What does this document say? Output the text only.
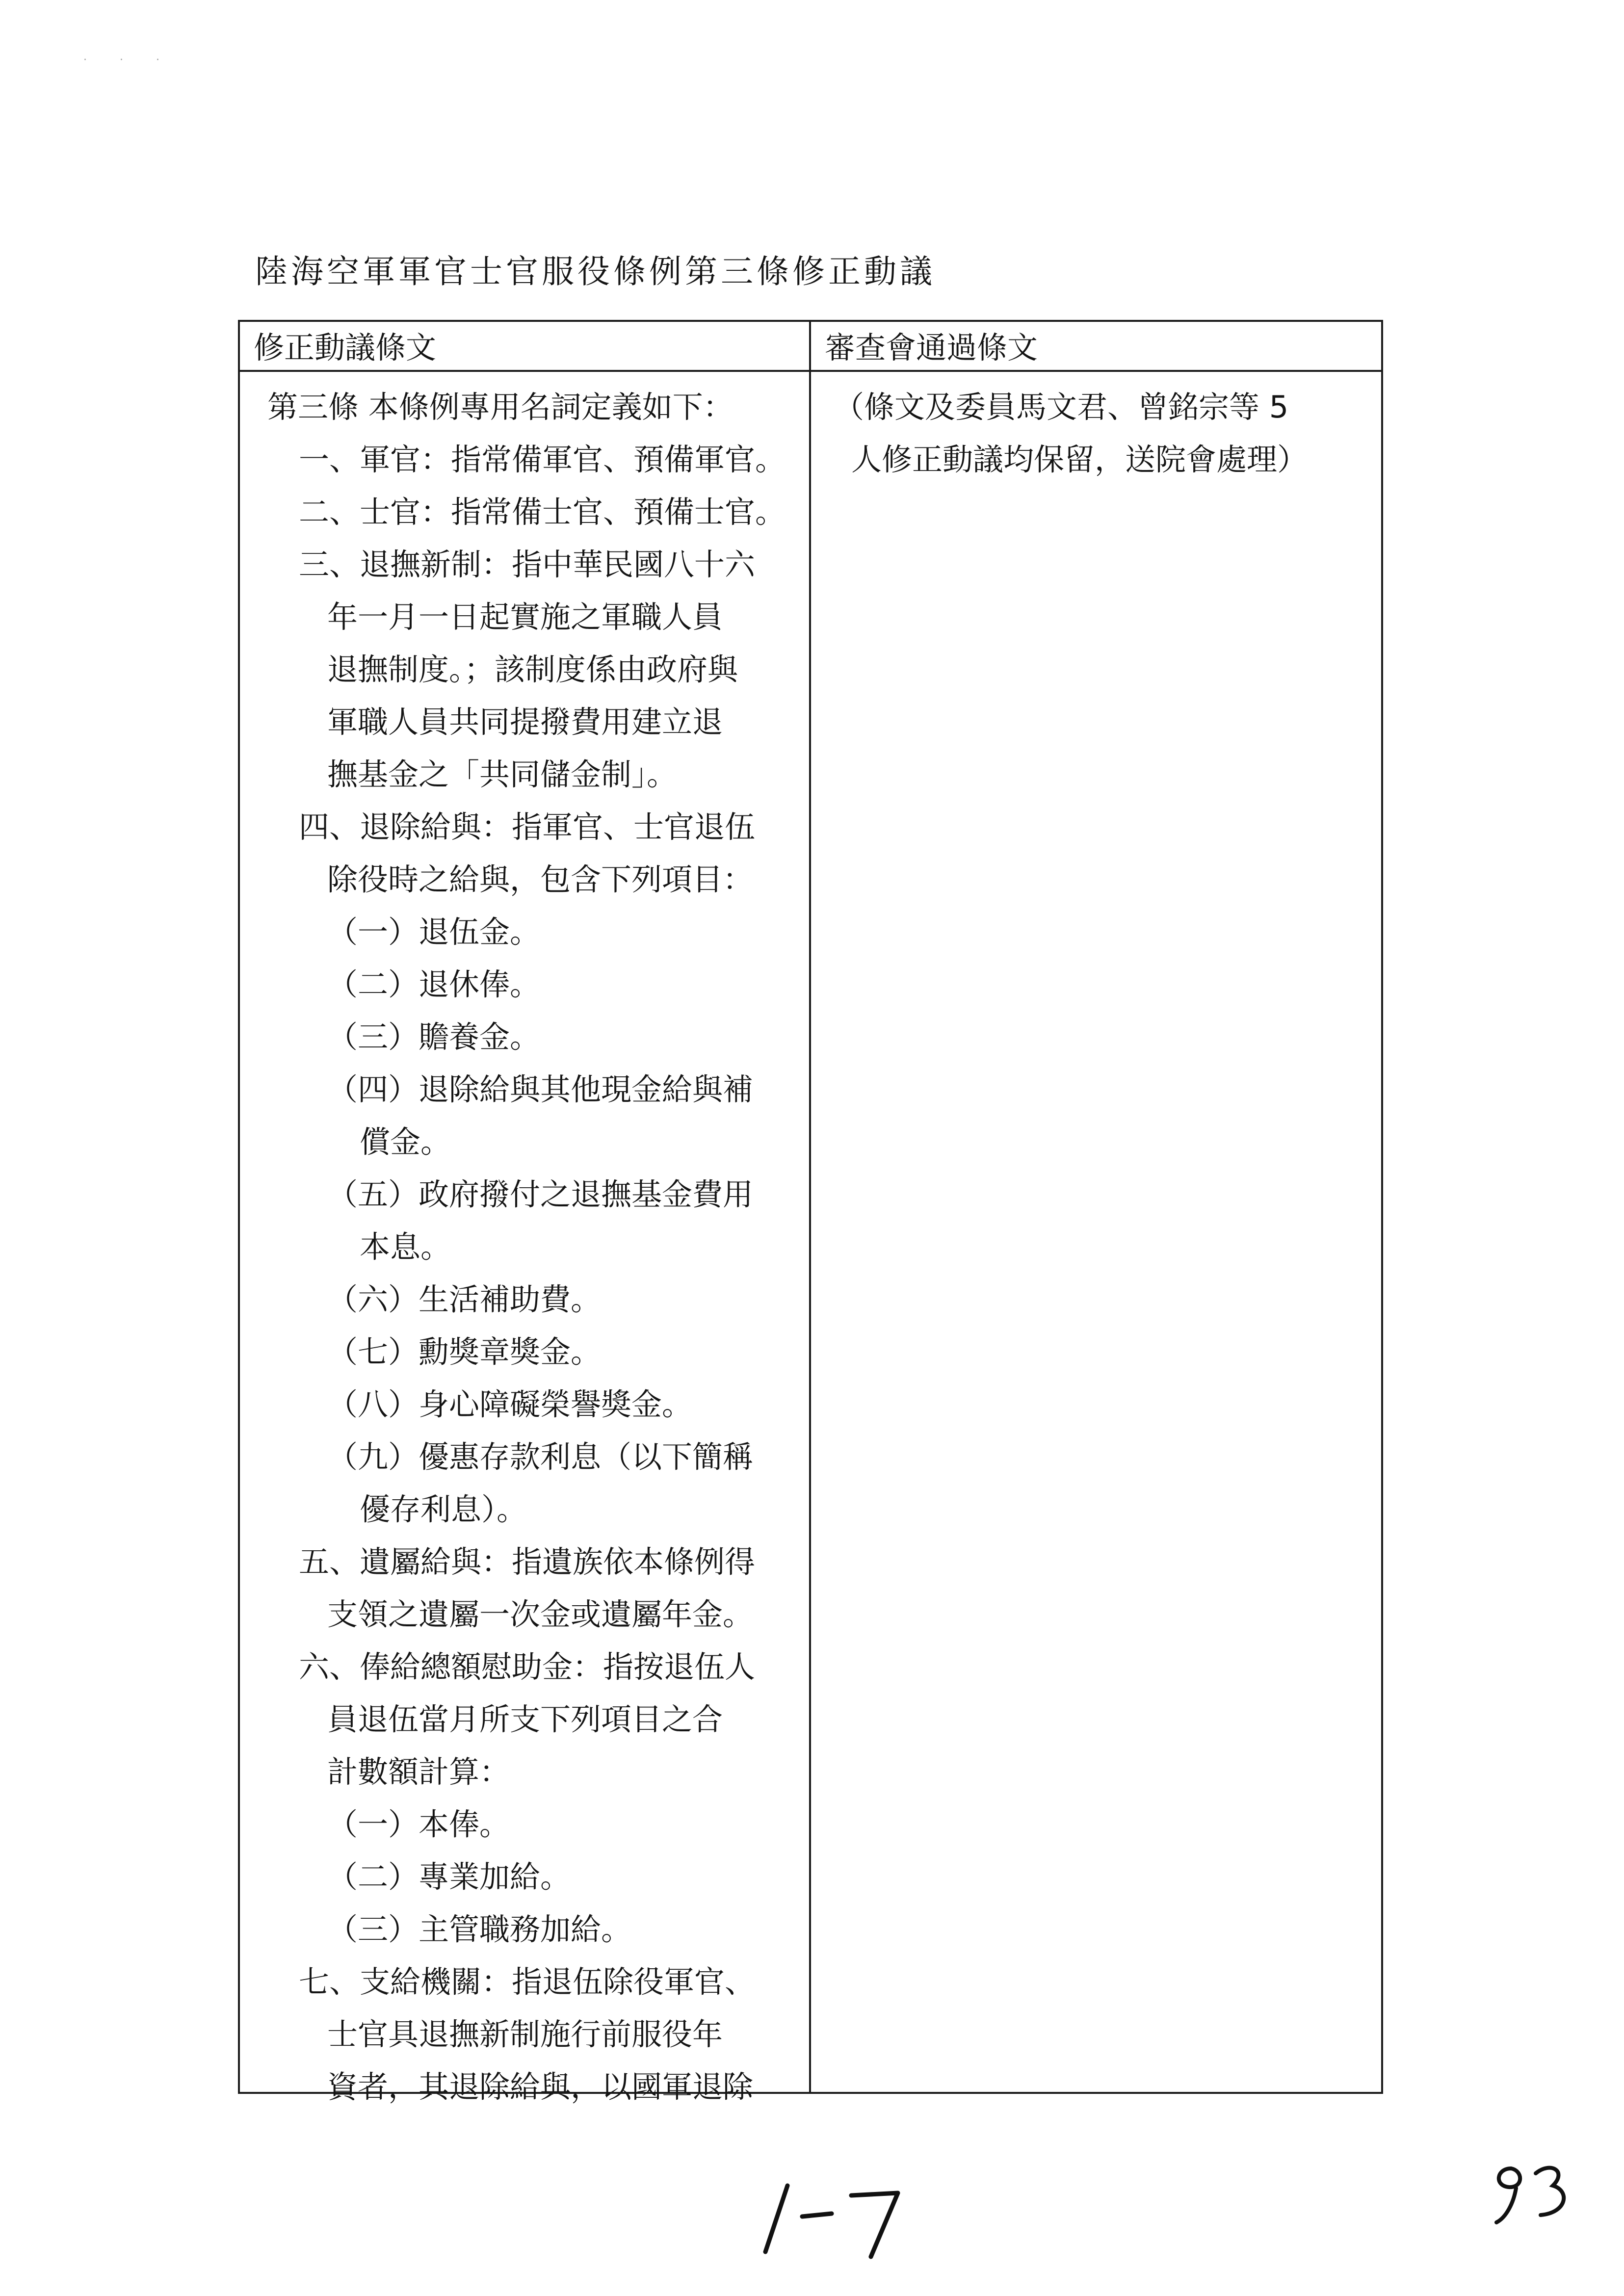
· · ·
陸海空軍軍官士官服役條例第三條修正動議
修正動議條文	審查會通過條文
第三條 本條例專用名詞定義如下：
一、軍官：指常備軍官、預備軍官。
二、士官：指常備士官、預備士官。
三、退撫新制：指中華民國八十六
年一月一日起實施之軍職人員
退撫制度。；該制度係由政府與
軍職人員共同提撥費用建立退
撫基金之「共同儲金制」。
四、退除給與：指軍官、士官退伍
除役時之給與，包含下列項目：
（一）退伍金。
（二）退休俸。
（三）贍養金。
（四）退除給與其他現金給與補
償金。
（五）政府撥付之退撫基金費用
本息。
（六）生活補助費。
（七）勳獎章獎金。
（八）身心障礙榮譽獎金。
（九）優惠存款利息（以下簡稱
優存利息）。
五、遺屬給與：指遺族依本條例得
支領之遺屬一次金或遺屬年金。
六、俸給總額慰助金：指按退伍人
員退伍當月所支下列項目之合
計數額計算：
（一）本俸。
（二）專業加給。
（三）主管職務加給。
七、支給機關：指退伍除役軍官、
士官具退撫新制施行前服役年
資者，其退除給與，以國軍退除
（條文及委員馬文君、曾銘宗等 5
人修正動議均保留，送院會處理）
1-7
93
